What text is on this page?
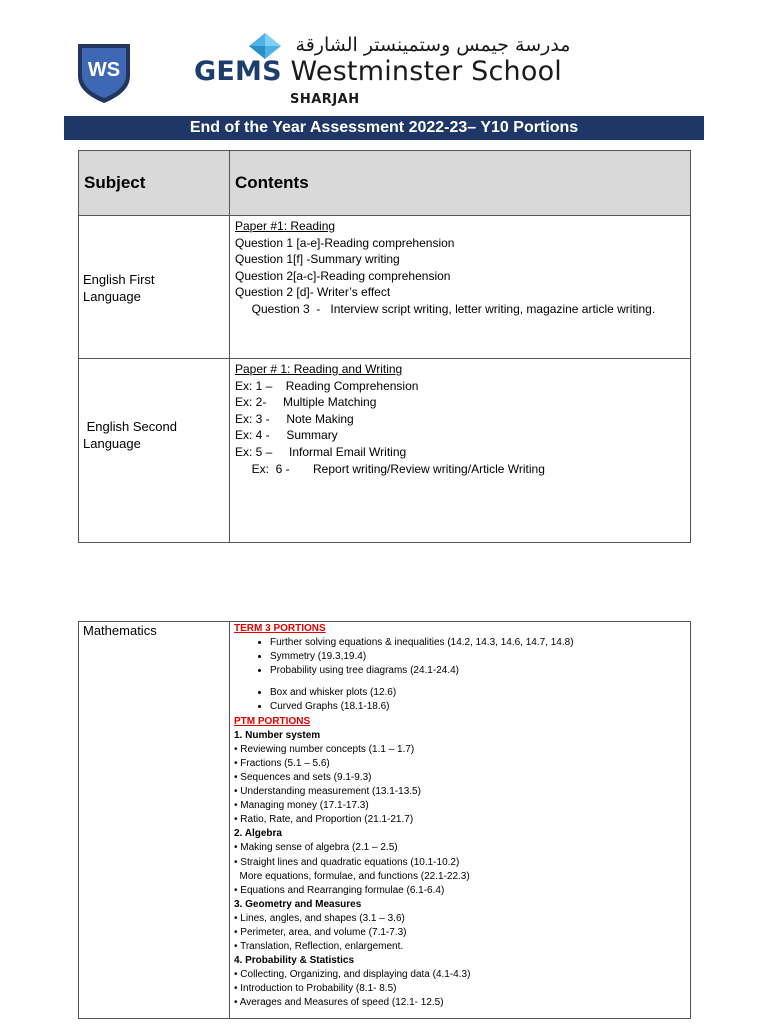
WS
مدرسة جيمس وستمينستر الشارقة
GEMS Westminster School
SHARJAH
End of the Year Assessment 2022-23– Y10 Portions
Subject	Contents
English First
Language
Paper #1: Reading
Question 1 [a-e]-Reading comprehension
Question 1[f] -Summary writing
Question 2[a-c]-Reading comprehension
Question 2 [d]- Writer’s effect
Question 3  -   Interview script writing, letter writing, magazine article writing.
English Second
Language
Paper # 1: Reading and Writing
Ex: 1 –    Reading Comprehension
Ex: 2-     Multiple Matching
Ex: 3 -     Note Making
Ex: 4 -     Summary
Ex: 5 –     Informal Email Writing
Ex:  6 -       Report writing/Review writing/Article Writing
Mathematics	TERM 3 PORTIONS
• Further solving equations & inequalities (14.2, 14.3, 14.6, 14.7, 14.8)
• Symmetry (19.3,19.4)
• Probability using tree diagrams (24.1-24.4)
• Box and whisker plots (12.6)
• Curved Graphs (18.1-18.6)
PTM PORTIONS
1. Number system
• Reviewing number concepts (1.1 – 1.7)
• Fractions (5.1 – 5.6)
• Sequences and sets (9.1-9.3)
• Understanding measurement (13.1-13.5)
• Managing money (17.1-17.3)
• Ratio, Rate, and Proportion (21.1-21.7)
2. Algebra
• Making sense of algebra (2.1 – 2.5)
• Straight lines and quadratic equations (10.1-10.2)
More equations, formulae, and functions (22.1-22.3)
• Equations and Rearranging formulae (6.1-6.4)
3. Geometry and Measures
• Lines, angles, and shapes (3.1 – 3.6)
• Perimeter, area, and volume (7.1-7.3)
• Translation, Reflection, enlargement.
4. Probability & Statistics
• Collecting, Organizing, and displaying data (4.1-4.3)
• Introduction to Probability (8.1- 8.5)
• Averages and Measures of speed (12.1- 12.5)
